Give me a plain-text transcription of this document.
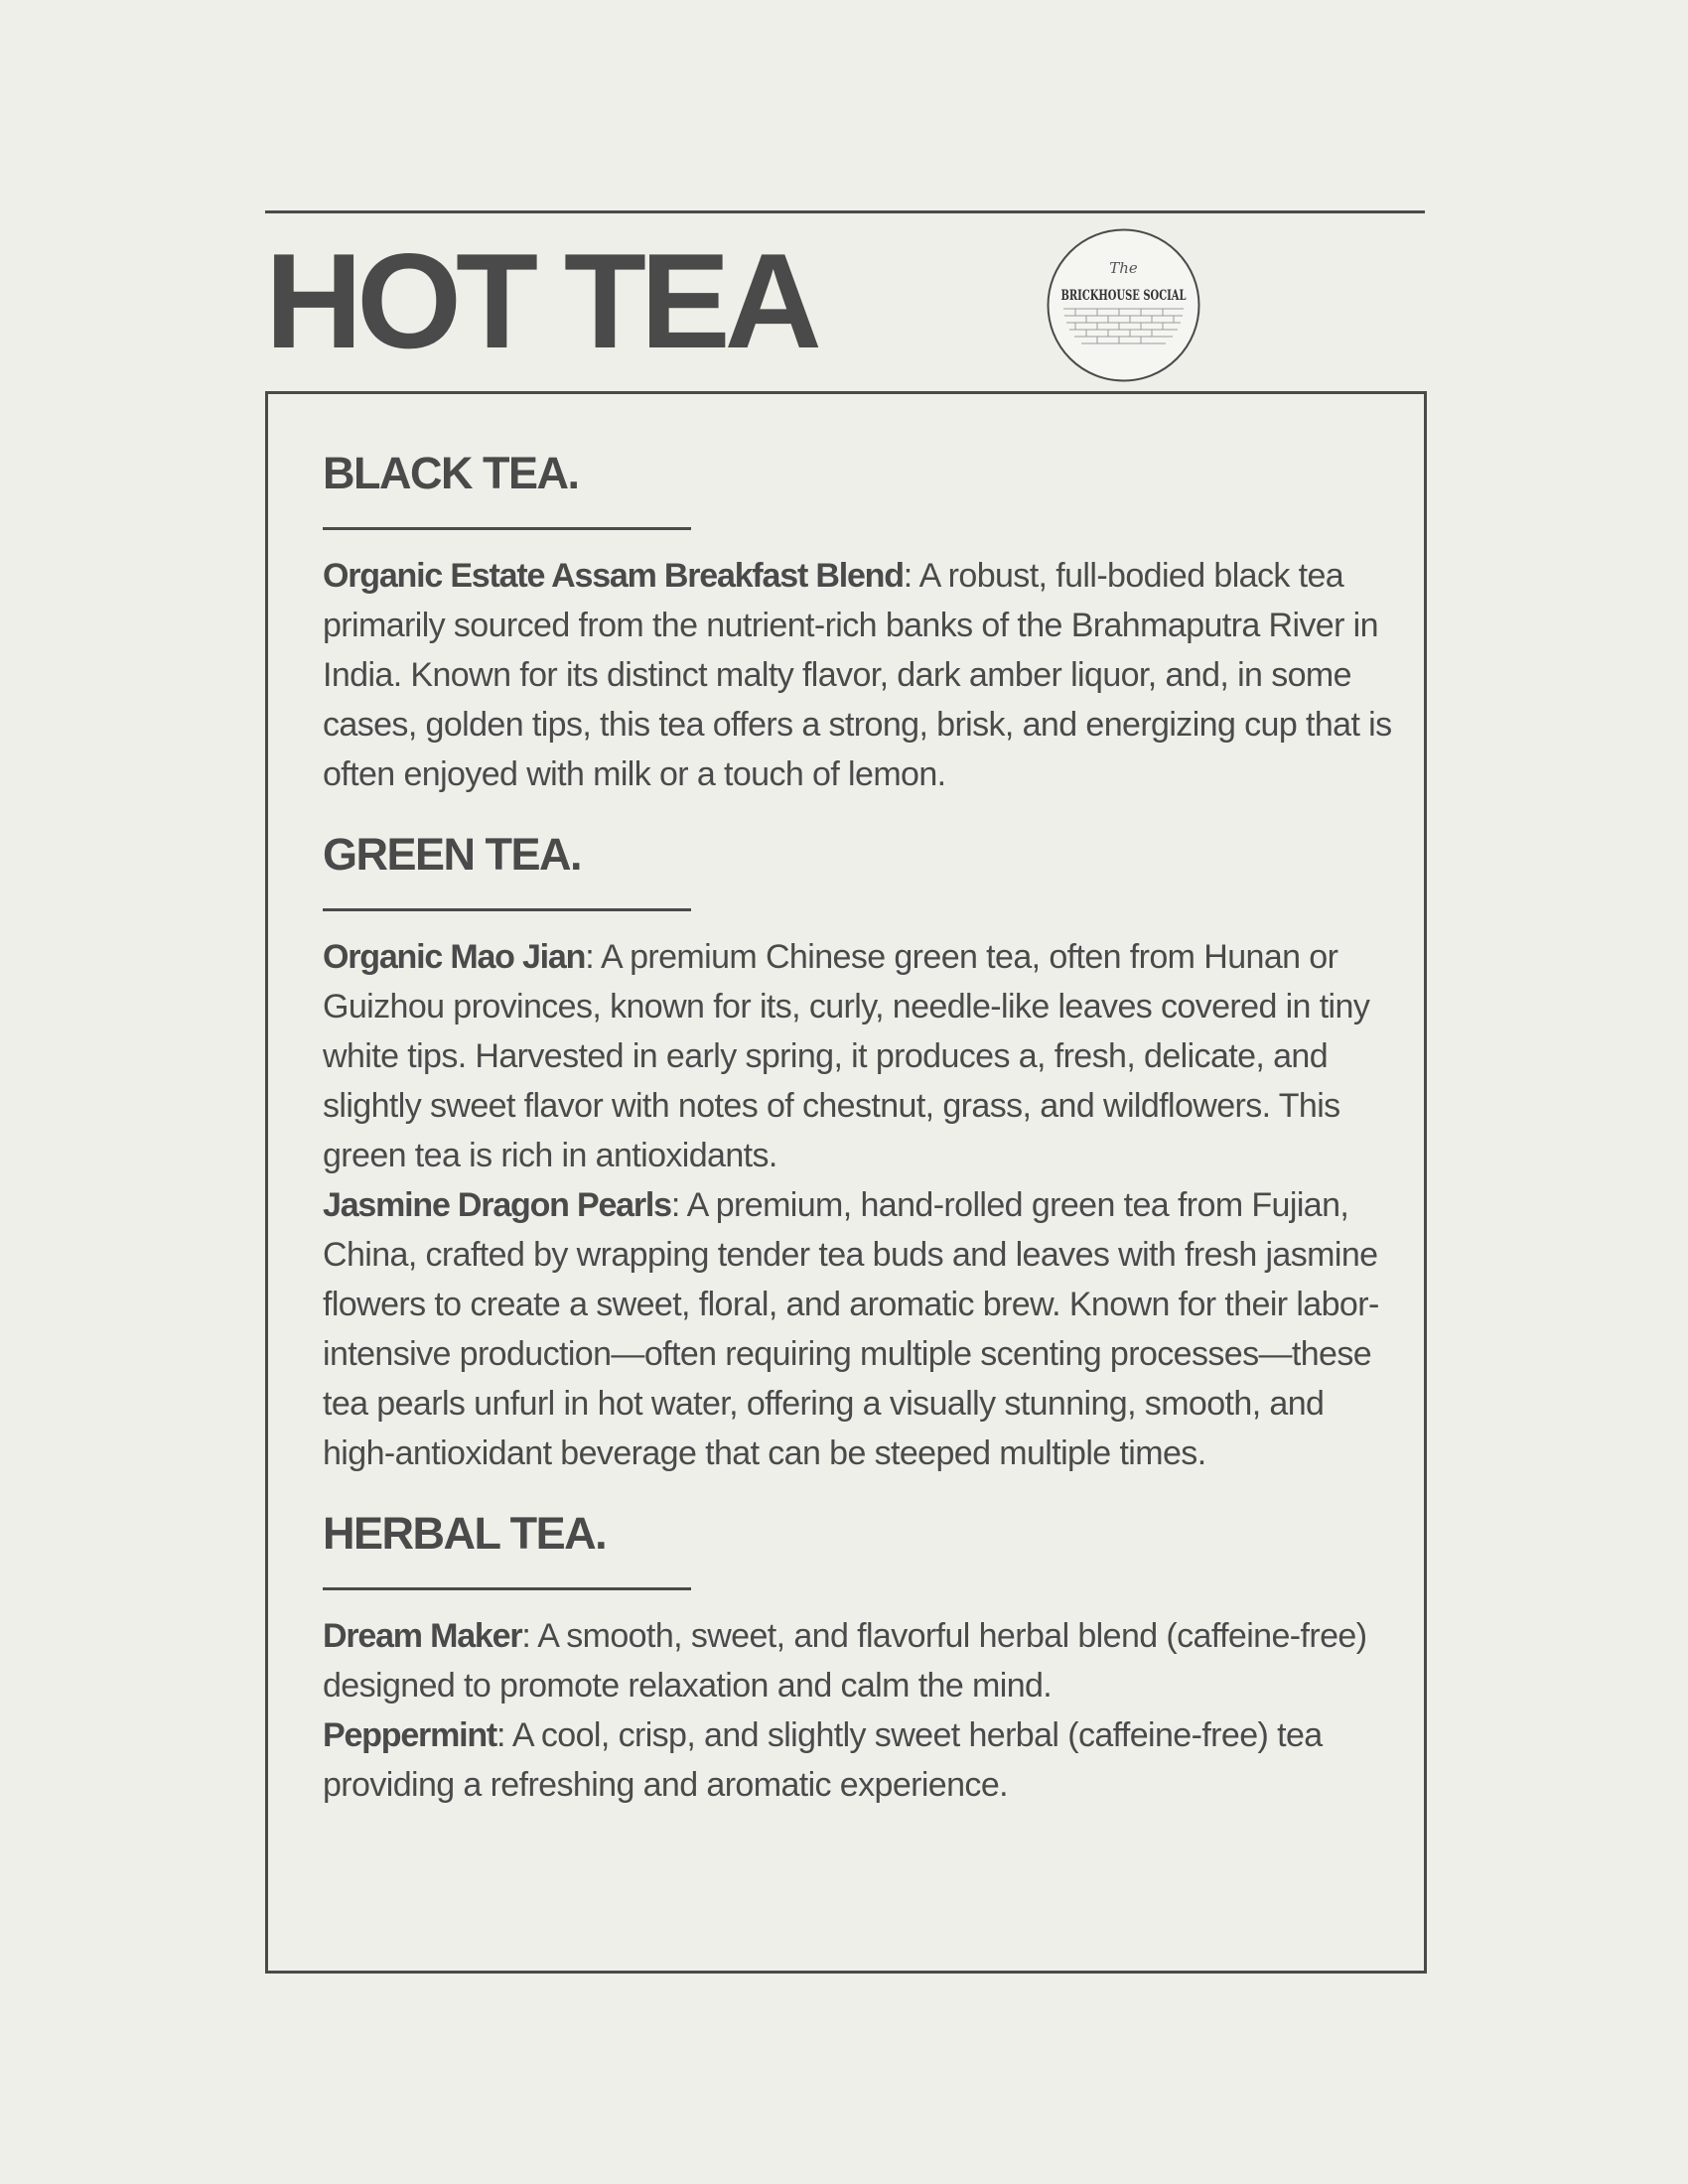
HOT TEA	The
BRICKHOUSE SOCIAL
BLACK TEA.

Organic Estate Assam Breakfast Blend: A robust, full-bodied black tea primarily sourced from the nutrient-rich banks of the Brahmaputra River in India. Known for its distinct malty flavor, dark amber liquor, and, in some cases, golden tips, this tea offers a strong, brisk, and energizing cup that is often enjoyed with milk or a touch of lemon.

GREEN TEA.

Organic Mao Jian: A premium Chinese green tea, often from Hunan or Guizhou provinces, known for its, curly, needle-like leaves covered in tiny white tips. Harvested in early spring, it produces a, fresh, delicate, and slightly sweet flavor with notes of chestnut, grass, and wildflowers. This green tea is rich in antioxidants.

Jasmine Dragon Pearls: A premium, hand-rolled green tea from Fujian, China, crafted by wrapping tender tea buds and leaves with fresh jasmine flowers to create a sweet, floral, and aromatic brew. Known for their labor-intensive production—often requiring multiple scenting processes—these tea pearls unfurl in hot water, offering a visually stunning, smooth, and high-antioxidant beverage that can be steeped multiple times.

HERBAL TEA.

Dream Maker: A smooth, sweet, and flavorful herbal blend (caffeine-free) designed to promote relaxation and calm the mind.

Peppermint: A cool, crisp, and slightly sweet herbal (caffeine-free) tea providing a refreshing and aromatic experience.
